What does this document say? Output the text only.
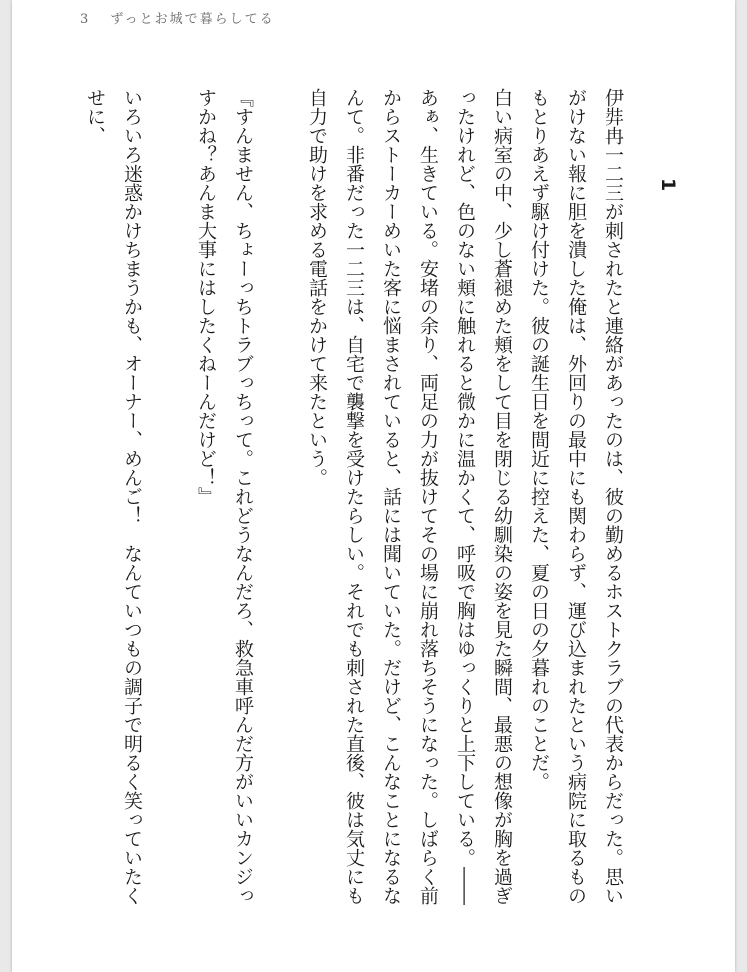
3 ずっとお城で暮らしてる
1

伊弉冉一二三が刺されたと連絡があったのは、彼の勤めるホストクラブの代表からだった。思いがけない報に胆を潰した俺は、外回りの最中にも関わらず、運び込まれたという病院に取るものもとりあえず駆け付けた。彼の誕生日を間近に控えた、夏の日の夕暮れのことだ。

白い病室の中、少し蒼褪めた頬をして目を閉じる幼馴染の姿を見た瞬間、最悪の想像が胸を過ぎったけれど、色のない頬に触れると微かに温かくて、呼吸で胸はゆっくりと上下している。――あぁ、生きている。安堵の余り、両足の力が抜けてその場に崩れ落ちそうになった。しばらく前からストーカーめいた客に悩まされていると、話には聞いていた。だけど、こんなことになるなんて。非番だった一二三は、自宅で襲撃を受けたらしい。それでも刺された直後、彼は気丈にも自力で助けを求める電話をかけて来たという。

『すんません、ちょーっちトラブっちって。これどうなんだろ、救急車呼んだ方がいいカンジっすかね？あんま大事にはしたくねーんだけど！』

いろいろ迷惑かけちまうかも、オーナー、めんご！　なんていつもの調子で明るく笑っていたくせに、
